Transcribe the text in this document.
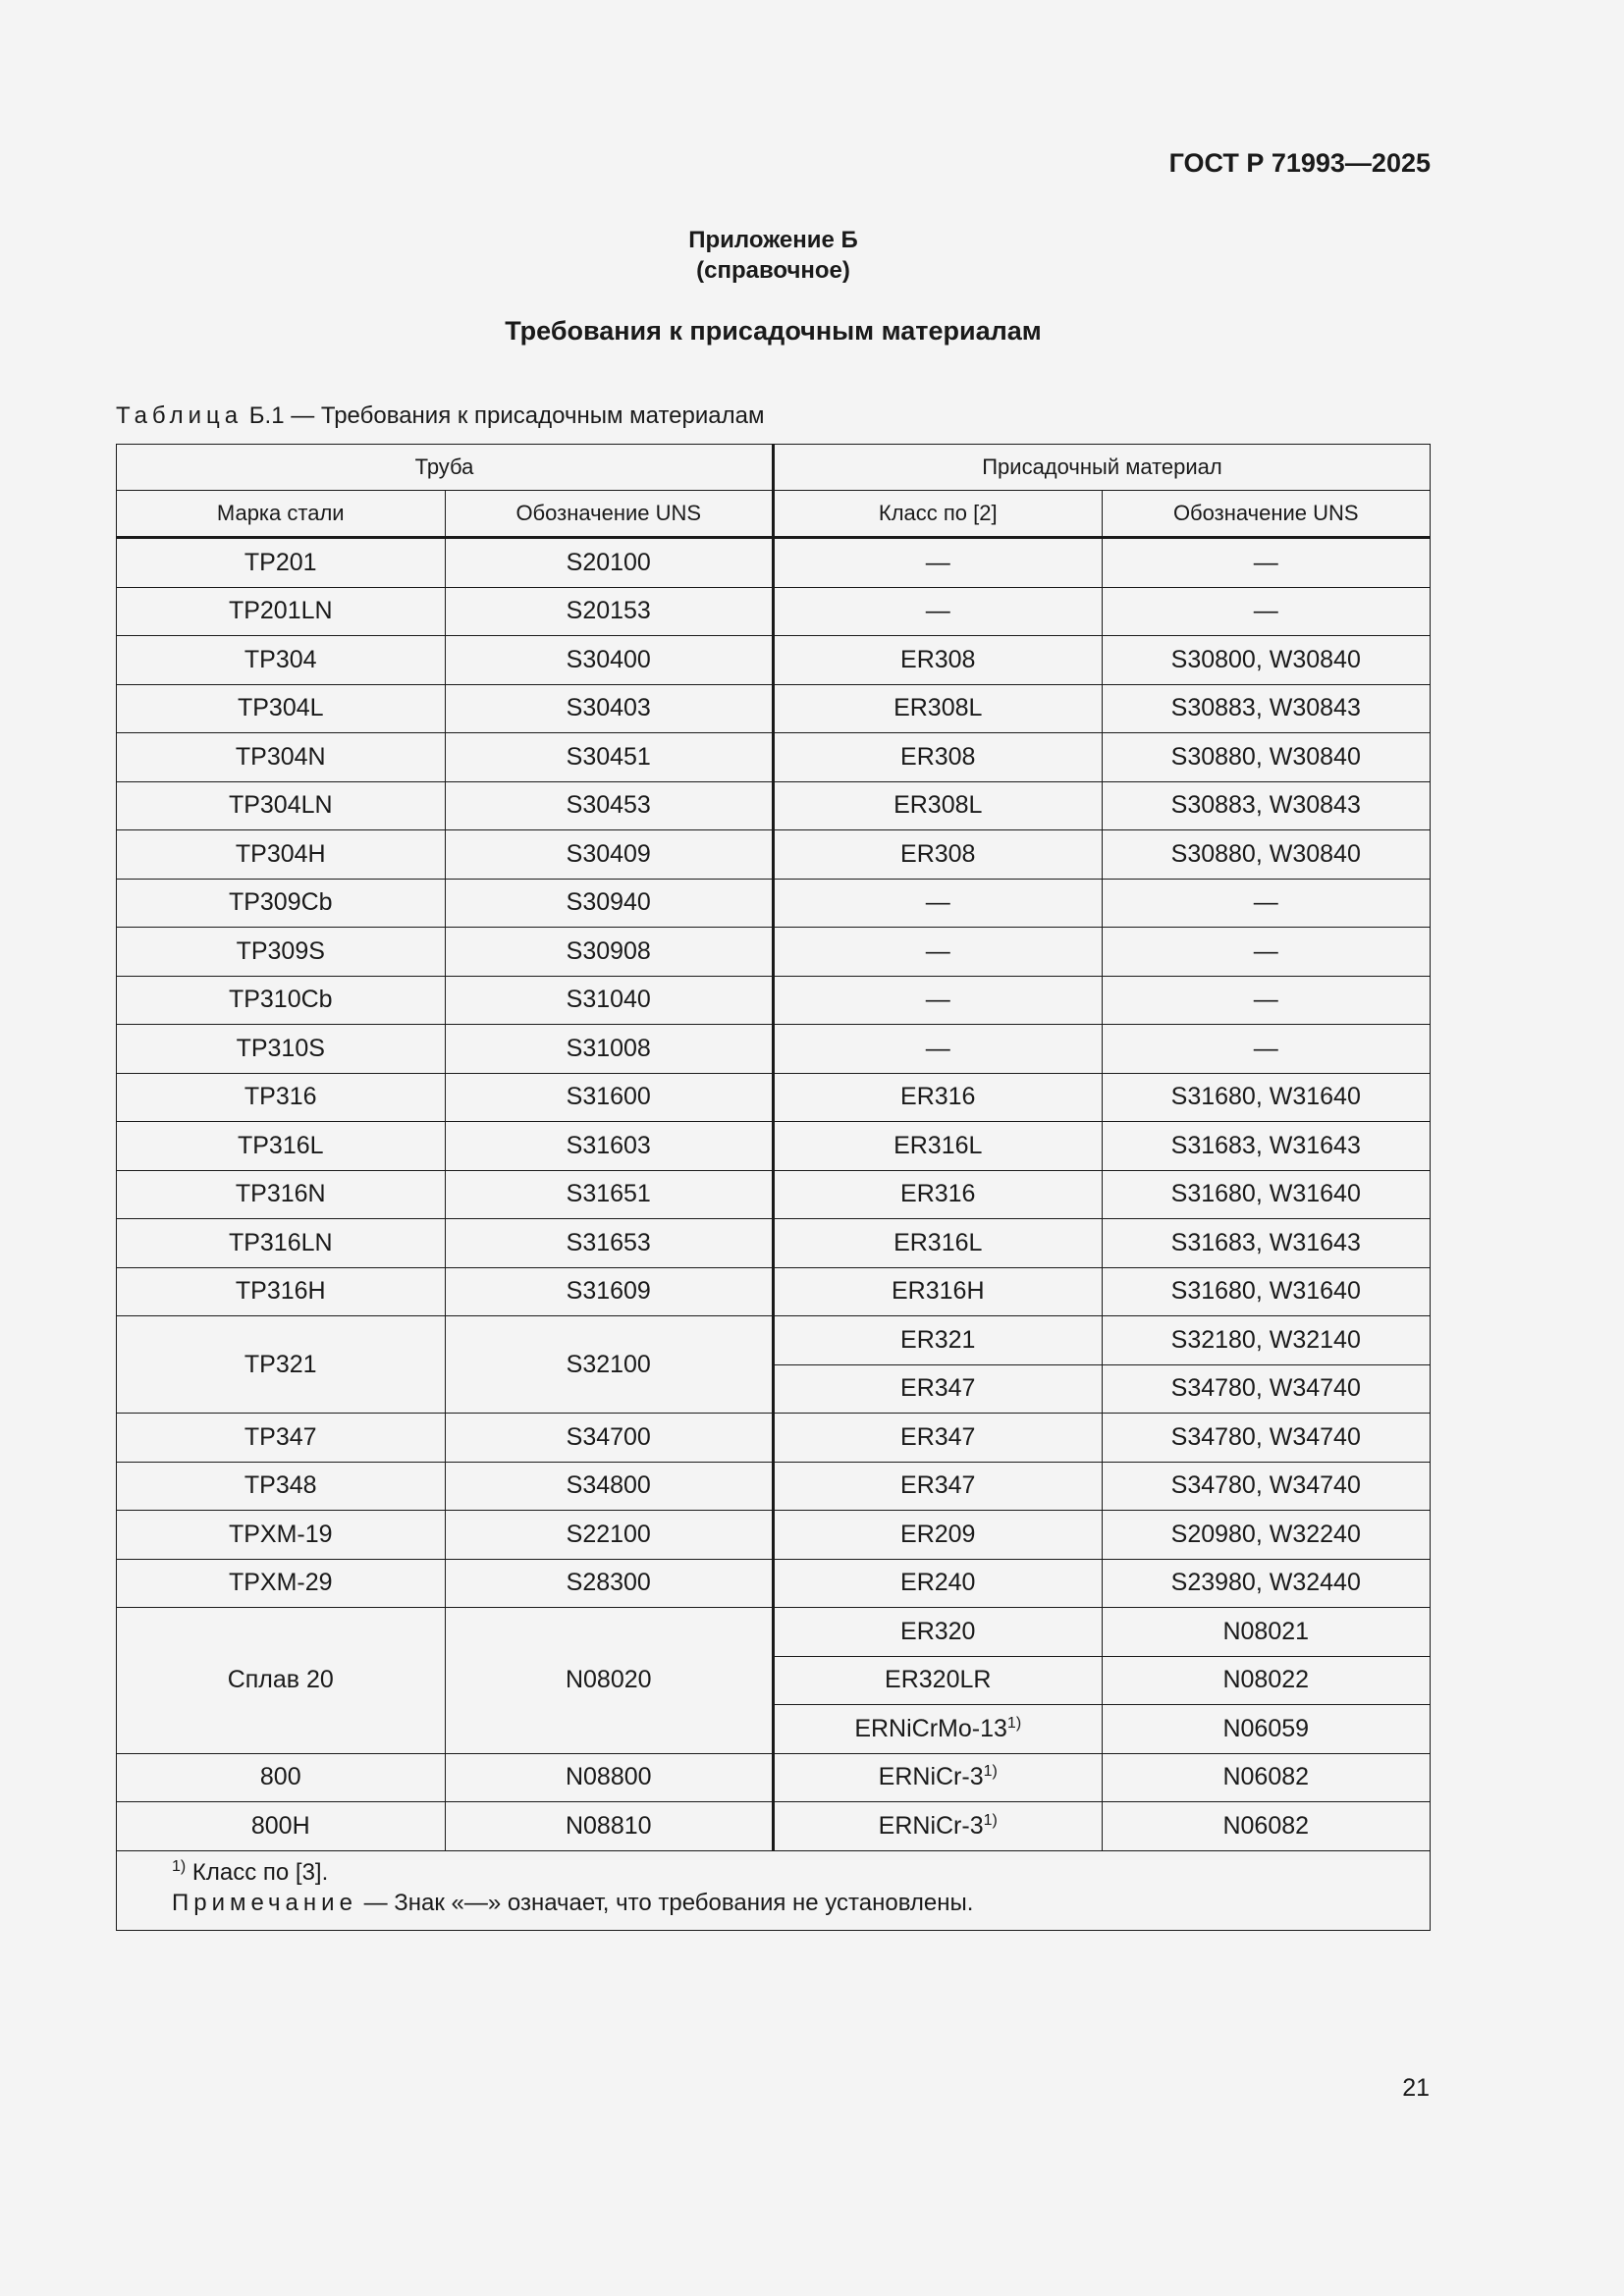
ГОСТ Р 71993—2025
Приложение Б
(справочное)
Требования к присадочным материалам
Таблица Б.1 — Требования к присадочным материалам
Труба		Присадочный материал	
Марка стали	Обозначение UNS	Класс по [2]	Обозначение UNS
TP201	S20100	—	—
TP201LN	S20153	—	—
TP304	S30400	ER308	S30800, W30840
TP304L	S30403	ER308L	S30883, W30843
TP304N	S30451	ER308	S30880, W30840
TP304LN	S30453	ER308L	S30883, W30843
TP304H	S30409	ER308	S30880, W30840
TP309Cb	S30940	—	—
TP309S	S30908	—	—
TP310Cb	S31040	—	—
TP310S	S31008	—	—
TP316	S31600	ER316	S31680, W31640
TP316L	S31603	ER316L	S31683, W31643
TP316N	S31651	ER316	S31680, W31640
TP316LN	S31653	ER316L	S31683, W31643
TP316H	S31609	ER316H	S31680, W31640
TP321	S32100	ER321	S32180, W32140
		ER347	S34780, W34740
TP347	S34700	ER347	S34780, W34740
TP348	S34800	ER347	S34780, W34740
TPXM-19	S22100	ER209	S20980, W32240
TPXM-29	S28300	ER240	S23980, W32440
Сплав 20	N08020	ER320	N08021
		ER320LR	N08022
		ERNiCrMo-13$^{1)}$	N06059
800	N08800	ERNiCr-3$^{1)}$	N06082
800H	N08810	ERNiCr-3$^{1)}$	N06082

$^{1)}$ Класс по [3].
Примечание — Знак «—» означает, что требования не установлены.			
21
